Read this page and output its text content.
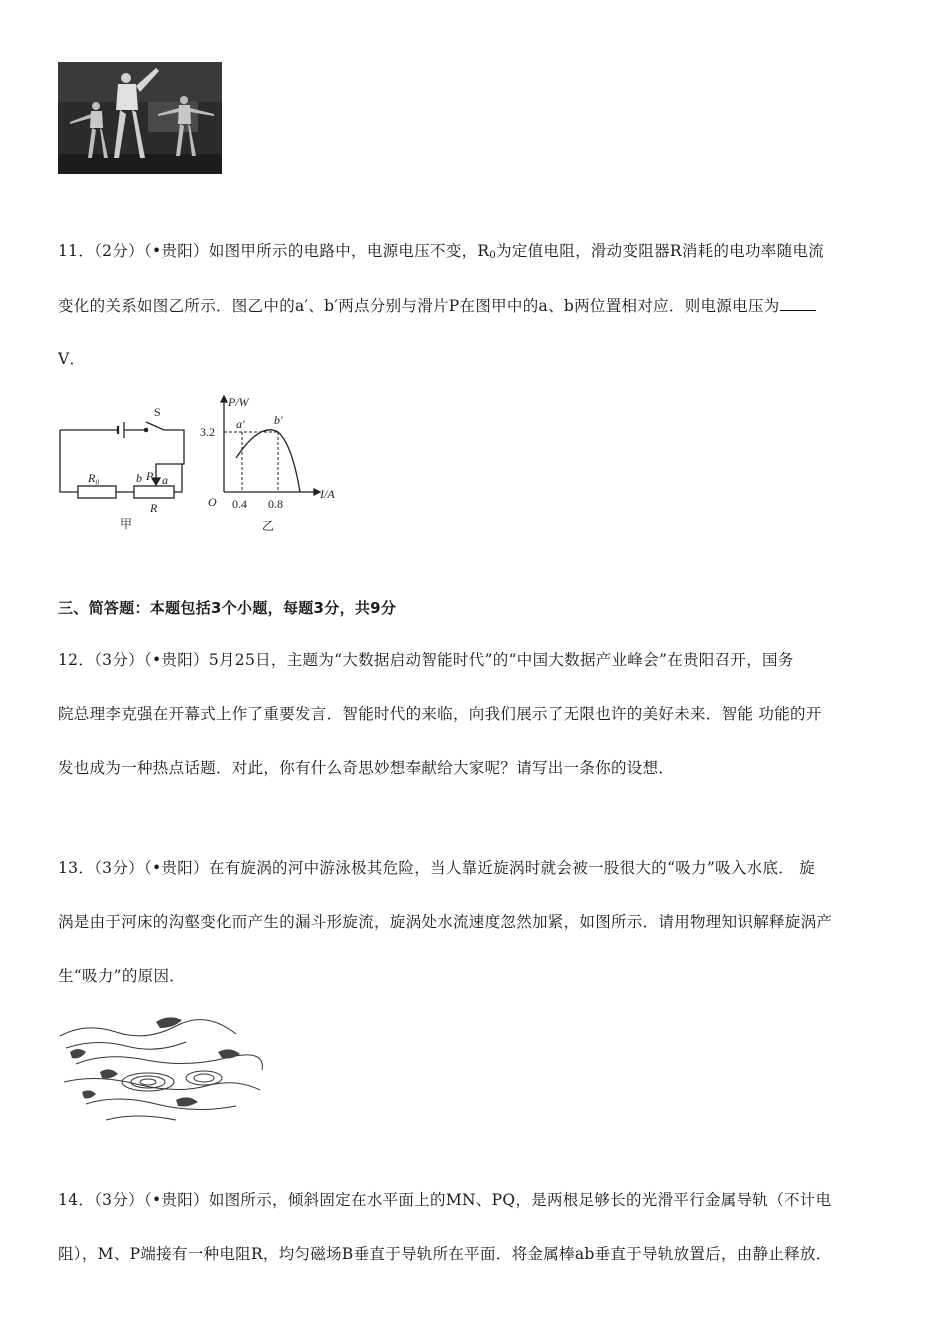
11．（2分）（•贵阳）如图甲所示的电路中，电源电压不变，$R_0$为定值电阻，滑动变阻器R消耗的电功率随电流
变化的关系如图乙所示．图乙中的a′、b′两点分别与滑片P在图甲中的a、b两位置相对应．则电源电压为
V．
S
R₀	b P a
R
甲
P/W
I/A
O
3.2
0.4 0.8
a′ b′
乙
三、简答题：本题包括3个小题，每题3分，共9分
12．（3分）（•贵阳）5月25日，主题为“大数据启动智能时代”的“中国大数据产业峰会”在贵阳召开，国务
院总理李克强在开幕式上作了重要发言．智能时代的来临，向我们展示了无限也许的美好未来．智能 功能的开
发也成为一种热点话题．对此，你有什么奇思妙想奉献给大家呢？请写出一条你的设想．
13．（3分）（•贵阳）在有旋涡的河中游泳极其危险，当人靠近旋涡时就会被一股很大的“吸力”吸入水底． 旋
涡是由于河床的沟壑变化而产生的漏斗形旋流，旋涡处水流速度忽然加紧，如图所示．请用物理知识解释旋涡产
生“吸力”的原因．
14．（3分）（•贵阳）如图所示，倾斜固定在水平面上的MN、PQ，是两根足够长的光滑平行金属导轨（不计电
阻），M、P端接有一种电阻R，均匀磁场B垂直于导轨所在平面．将金属棒ab垂直于导轨放置后，由静止释放．
